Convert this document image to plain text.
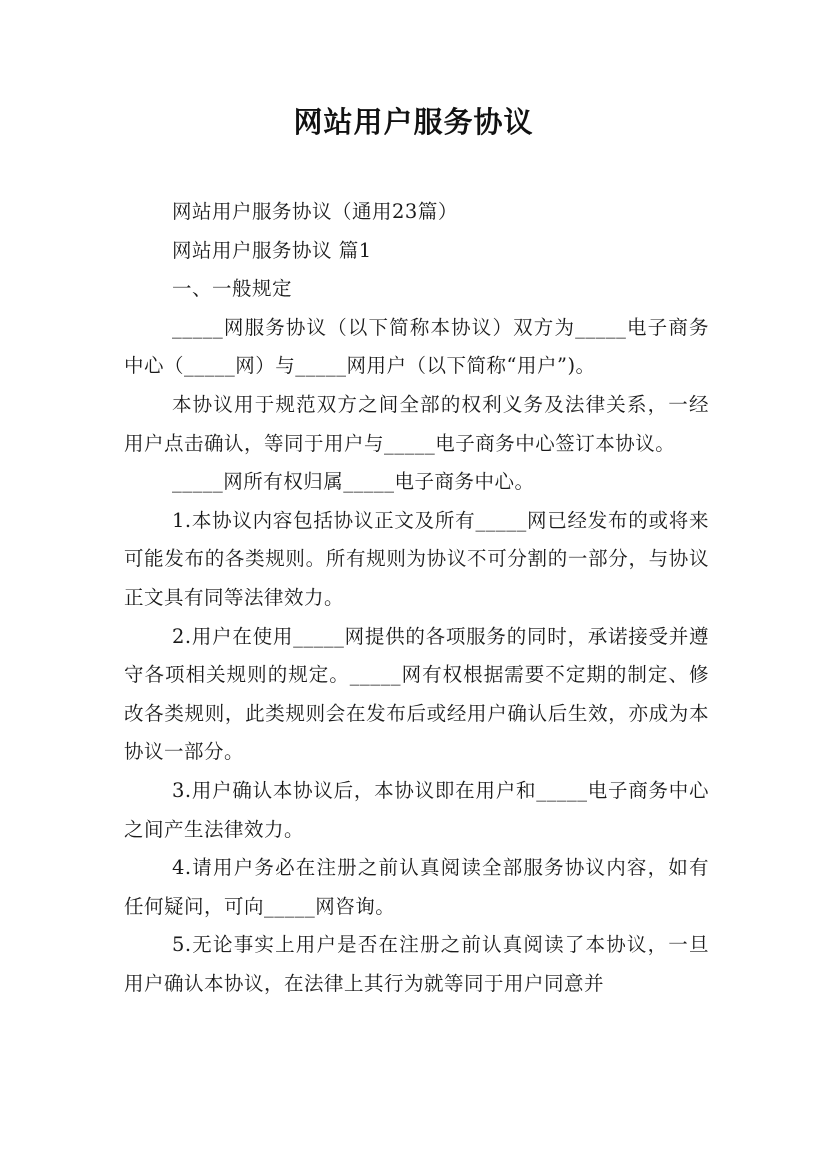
网站用户服务协议

网站用户服务协议（通用23篇）

网站用户服务协议 篇1

一、一般规定

_____网服务协议（以下简称本协议）双方为_____电子商务中心（_____网）与_____网用户（以下简称“用户”)。

本协议用于规范双方之间全部的权利义务及法律关系，一经用户点击确认，等同于用户与_____电子商务中心签订本协议。

_____网所有权归属_____电子商务中心。

1.本协议内容包括协议正文及所有_____网已经发布的或将来可能发布的各类规则。所有规则为协议不可分割的一部分，与协议正文具有同等法律效力。

2.用户在使用_____网提供的各项服务的同时，承诺接受并遵守各项相关规则的规定。_____网有权根据需要不定期的制定、修改各类规则，此类规则会在发布后或经用户确认后生效，亦成为本协议一部分。

3.用户确认本协议后，本协议即在用户和_____电子商务中心之间产生法律效力。

4.请用户务必在注册之前认真阅读全部服务协议内容，如有任何疑问，可向_____网咨询。

5.无论事实上用户是否在注册之前认真阅读了本协议，一旦用户确认本协议，在法律上其行为就等同于用户同意并
